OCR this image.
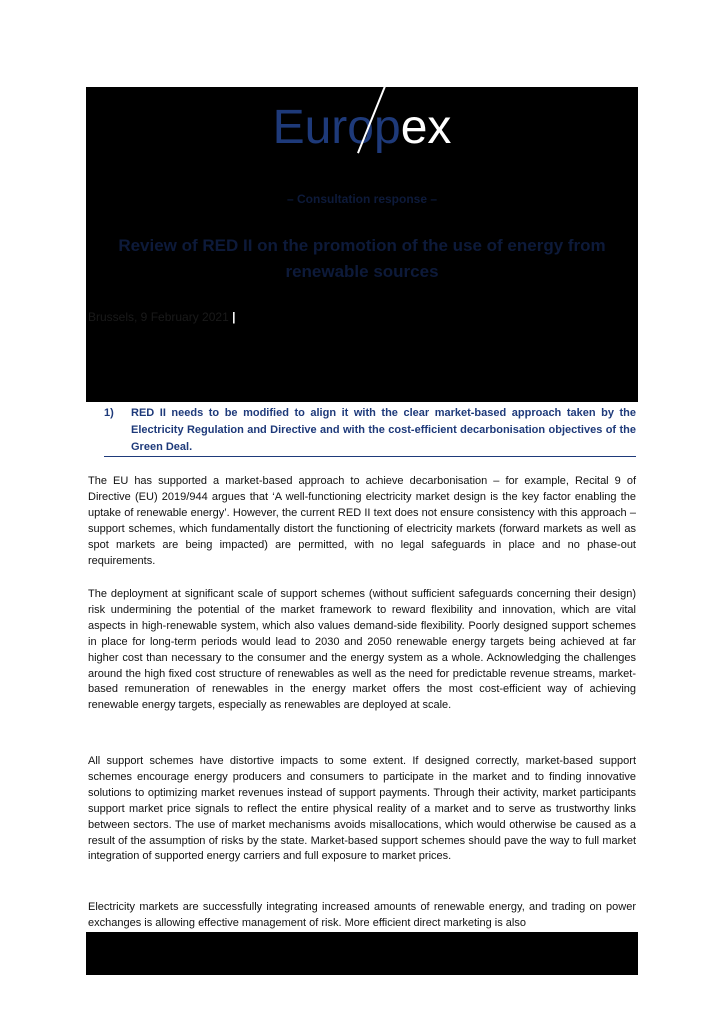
Europex
– Consultation response –
Review of RED II on the promotion of the use of energy from renewable sources
Brussels, 9 February 2021 |
1) RED II needs to be modified to align it with the clear market-based approach taken by the Electricity Regulation and Directive and with the cost-efficient decarbonisation objectives of the Green Deal.

The EU has supported a market-based approach to achieve decarbonisation – for example, Recital 9 of Directive (EU) 2019/944 argues that ‘A well-functioning electricity market design is the key factor enabling the uptake of renewable energy’. However, the current RED II text does not ensure consistency with this approach – support schemes, which fundamentally distort the functioning of electricity markets (forward markets as well as spot markets are being impacted) are permitted, with no legal safeguards in place and no phase-out requirements.

The deployment at significant scale of support schemes (without sufficient safeguards concerning their design) risk undermining the potential of the market framework to reward flexibility and innovation, which are vital aspects in high-renewable system, which also values demand-side flexibility. Poorly designed support schemes in place for long-term periods would lead to 2030 and 2050 renewable energy targets being achieved at far higher cost than necessary to the consumer and the energy system as a whole. Acknowledging the challenges around the high fixed cost structure of renewables as well as the need for predictable revenue streams, market-based remuneration of renewables in the energy market offers the most cost-efficient way of achieving renewable energy targets, especially as renewables are deployed at scale.

All support schemes have distortive impacts to some extent. If designed correctly, market-based support schemes encourage energy producers and consumers to participate in the market and to finding innovative solutions to optimizing market revenues instead of support payments. Through their activity, market participants support market price signals to reflect the entire physical reality of a market and to serve as trustworthy links between sectors. The use of market mechanisms avoids misallocations, which would otherwise be caused as a result of the assumption of risks by the state. Market-based support schemes should pave the way to full market integration of supported energy carriers and full exposure to market prices.

Electricity markets are successfully integrating increased amounts of renewable energy, and trading on power exchanges is allowing effective management of risk. More efficient direct marketing is also
